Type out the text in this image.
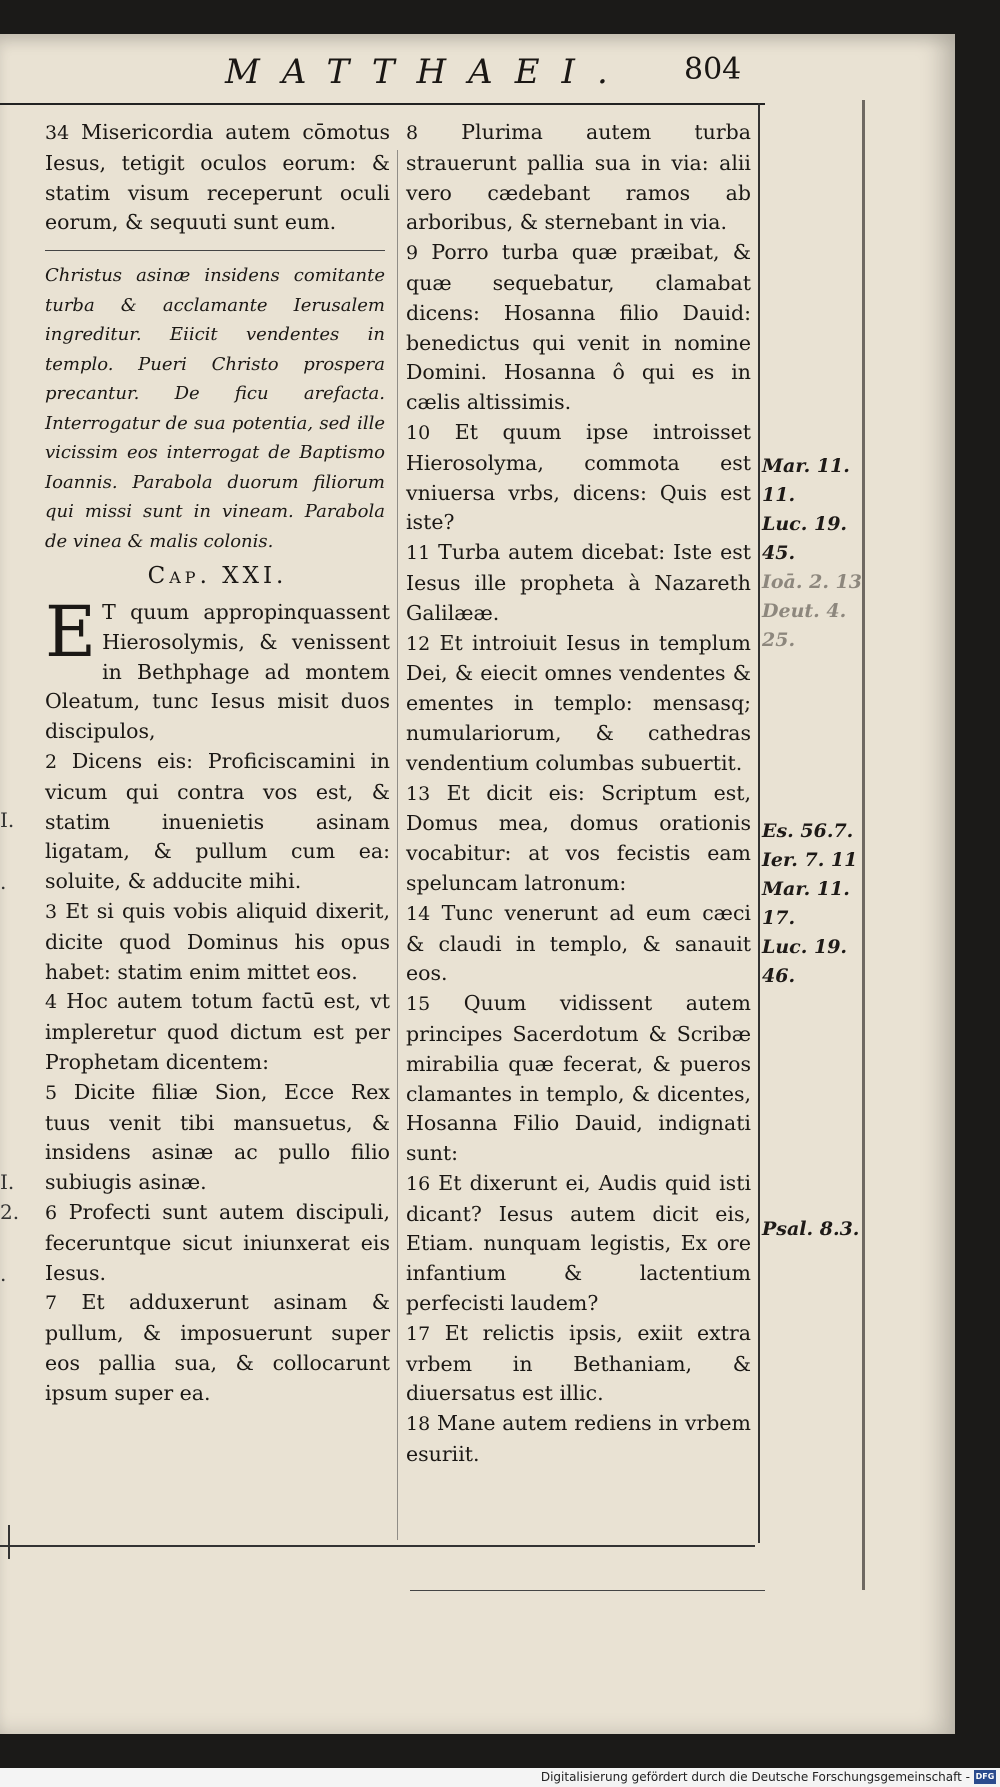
MATTHAEI.	804

34 Misericordia autem cōmotus Iesus, tetigit oculos eorum: & statim visum receperunt oculi eorum, & sequuti sunt eum.

Christus asinæ insidens comitante turba & acclamante Ierusalem ingreditur. Eiicit vendentes in templo. Pueri Christo prospera precantur. De ficu arefacta. Interrogatur de sua potentia, sed ille vicissim eos interrogat de Baptismo Ioannis. Parabola duorum filiorum qui missi sunt in vineam. Parabola de vinea & malis colonis.
Cap. XXI.

E T quum appropinquassent Hierosolymis, & venissent in Bethphage ad montem Oleatum, tunc Iesus misit duos discipulos,

2 Dicens eis: Proficiscamini in vicum qui contra vos est, & statim inuenietis asinam ligatam, & pullum cum ea: soluite, & adducite mihi.

3 Et si quis vobis aliquid dixerit, dicite quod Dominus his opus habet: statim enim mittet eos.

4 Hoc autem totum factū est, vt impleretur quod dictum est per Prophetam dicentem:

5 Dicite filiæ Sion, Ecce Rex tuus venit tibi mansuetus, & insidens asinæ ac pullo filio subiugis asinæ.

6 Profecti sunt autem discipuli, feceruntque sicut iniunxerat eis Iesus.

7 Et adduxerunt asinam & pullum, & imposuerunt super eos pallia sua, & collocarunt ipsum super ea.

8 Plurima autem turba strauerunt pallia sua in via: alii vero cædebant ramos ab arboribus, & sternebant in via.

9 Porro turba quæ præibat, & quæ sequebatur, clamabat dicens: Hosanna filio Dauid: benedictus qui venit in nomine Domini. Hosanna ô qui es in cælis altissimis.

10 Et quum ipse introisset Hierosolyma, commota est vniuersa vrbs, dicens: Quis est iste?

11 Turba autem dicebat: Iste est Iesus ille propheta à Nazareth Galilææ.

12 Et introiuit Iesus in templum Dei, & eiecit omnes vendentes & ementes in templo: mensasq; numulariorum, & cathedras vendentium columbas subuertit.

13 Et dicit eis: Scriptum est, Domus mea, domus orationis vocabitur: at vos fecistis eam speluncam latronum:

14 Tunc venerunt ad eum cæci & claudi in templo, & sanauit eos.

15 Quum vidissent autem principes Sacerdotum & Scribæ mirabilia quæ fecerat, & pueros clamantes in templo, & dicentes, Hosanna Filio Dauid, indignati sunt:

16 Et dixerunt ei, Audis quid isti dicant? Iesus autem dicit eis, Etiam. nunquam legistis, Ex ore infantium & lactentium perfecisti laudem?

17 Et relictis ipsis, exiit extra vrbem in Bethaniam, & diuersatus est illic.

18 Mane autem rediens in vrbem esuriit.

Mar. 11.
11.
Luc. 19.
45.
Ioā. 2. 13
Deut. 4.
25.
Es. 56.7.
Ier. 7. 11
Mar. 11.
17.
Luc. 19.
46.
Psal. 8.3.
I.
.
I.
2.
.
Digitalisierung gefördert durch die Deutsche Forschungsgemeinschaft - DFG
